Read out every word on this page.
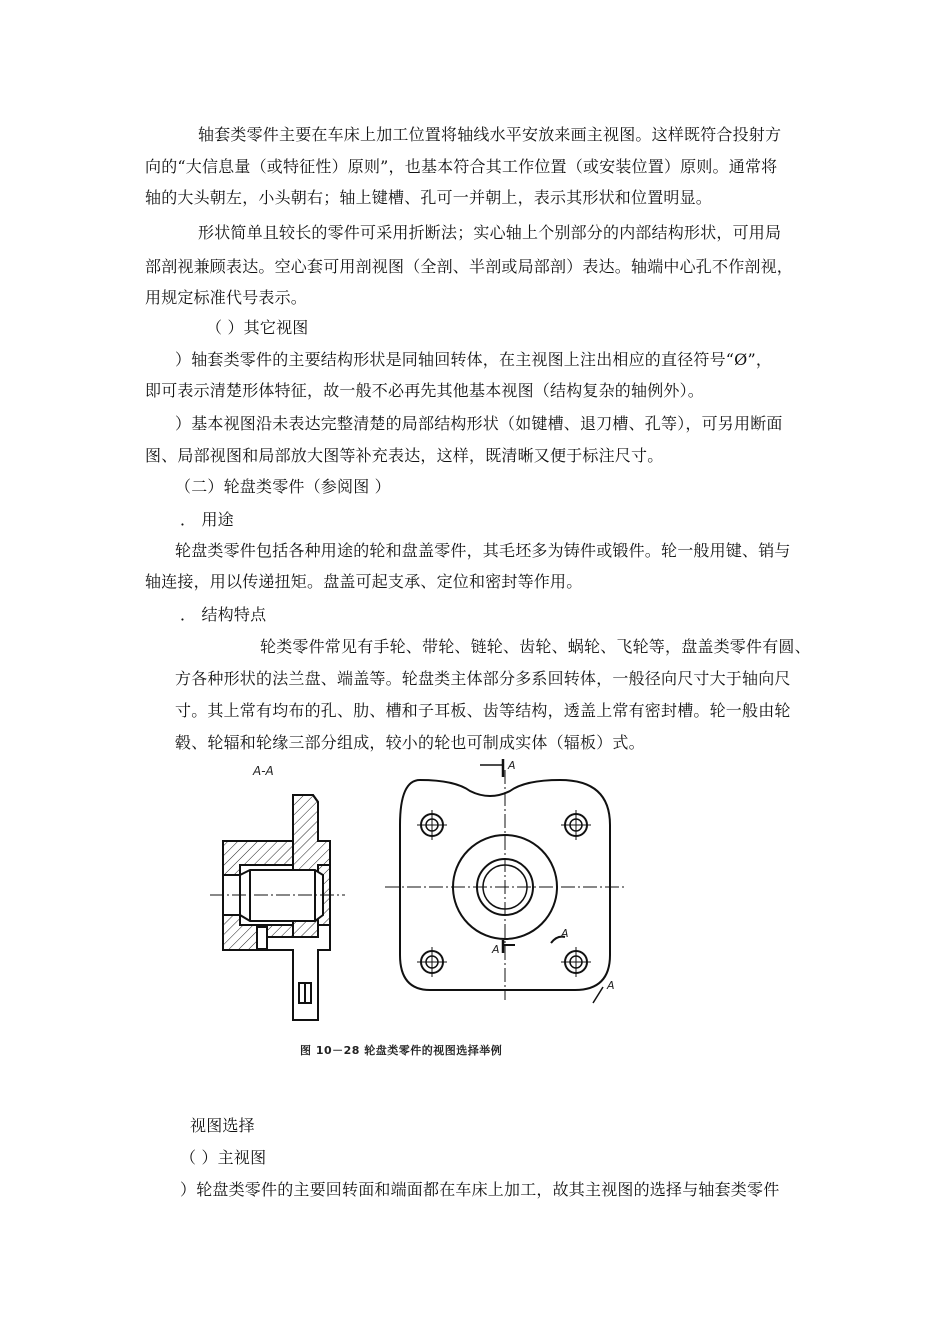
轴套类零件主要在车床上加工位置将轴线水平安放来画主视图。这样既符合投射方
向的“大信息量（或特征性）原则”，也基本符合其工作位置（或安装位置）原则。通常将
轴的大头朝左，小头朝右；轴上键槽、孔可一并朝上，表示其形状和位置明显。
形状简单且较长的零件可采用折断法；实心轴上个别部分的内部结构形状，可用局
部剖视兼顾表达。空心套可用剖视图（全剖、半剖或局部剖）表达。轴端中心孔不作剖视，
用规定标准代号表示。
（ ）其它视图
）轴套类零件的主要结构形状是同轴回转体，在主视图上注出相应的直径符号“Ø”，
即可表示清楚形体特征，故一般不必再先其他基本视图（结构复杂的轴例外）。
）基本视图沿未表达完整清楚的局部结构形状（如键槽、退刀槽、孔等），可另用断面
图、局部视图和局部放大图等补充表达，这样，既清晰又便于标注尺寸。
（二）轮盘类零件（参阅图 ）
． 用途
轮盘类零件包括各种用途的轮和盘盖零件，其毛坯多为铸件或锻件。轮一般用键、销与
轴连接，用以传递扭矩。盘盖可起支承、定位和密封等作用。
． 结构特点
轮类零件常见有手轮、带轮、链轮、齿轮、蜗轮、飞轮等，盘盖类零件有圆、
方各种形状的法兰盘、端盖等。轮盘类主体部分多系回转体，一般径向尺寸大于轴向尺
寸。其上常有均布的孔、肋、槽和子耳板、齿等结构，透盖上常有密封槽。轮一般由轮
毂、轮辐和轮缘三部分组成，较小的轮也可制成实体（辐板）式。
A-A	A
A
A
A
图 10－28 轮盘类零件的视图选择举例
视图选择
（ ）主视图
）轮盘类零件的主要回转面和端面都在车床上加工，故其主视图的选择与轴套类零件
